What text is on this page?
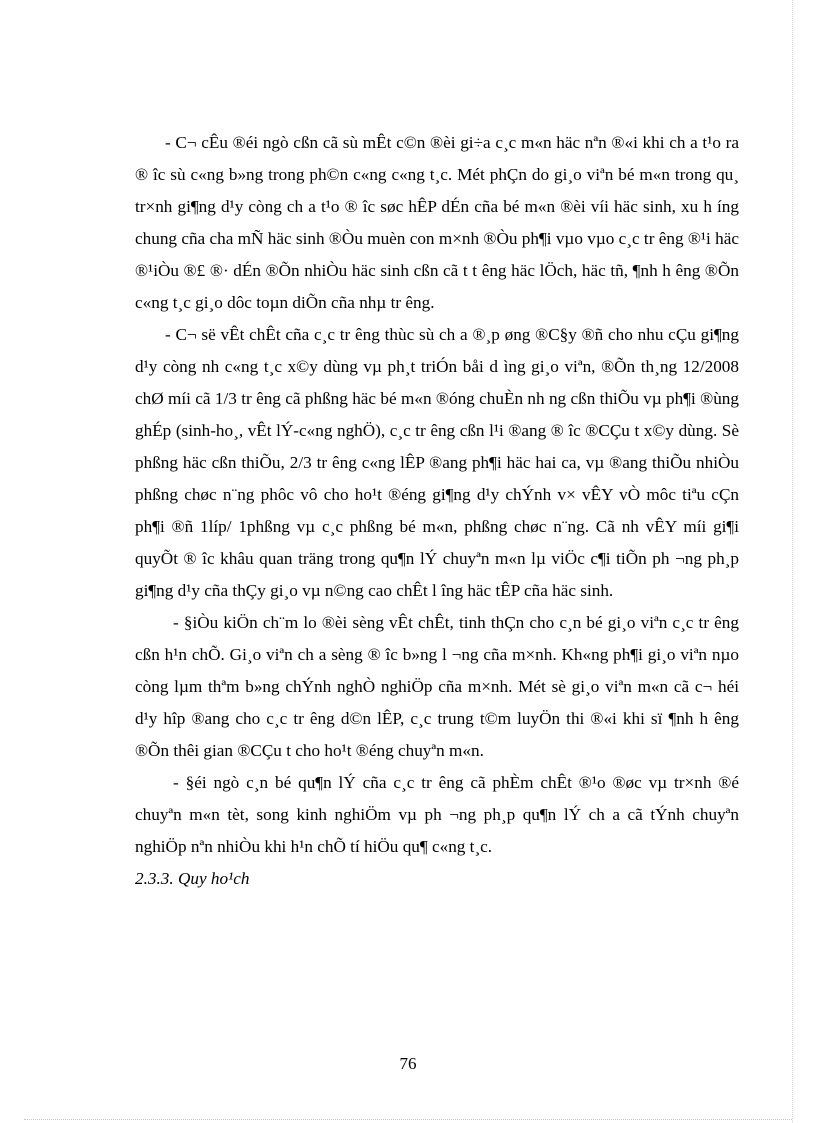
- C¬ cÊu ®éi ngò cßn cã sù mÊt c©n ®èi gi÷a c¸c m«n häc nªn ®«i khi ch a t¹o ra ® îc sù c«ng b»ng trong ph©n c«ng c«ng t¸c. Mét phÇn do gi¸o viªn bé m«n trong qu¸ tr×nh gi¶ng d¹y còng ch a t¹o ® îc søc hÊP dÉn cña bé m«n ®èi víi häc sinh, xu h íng chung cña cha mÑ häc sinh ®Òu muèn con m×nh ®Òu ph¶i vµo vµo c¸c tr êng ®¹i häc ®¹iÒu ®£ ®· dÉn ®Õn nhiÒu häc sinh cßn cã t t êng häc lÖch, häc tñ, ¶nh h êng ®Õn c«ng t¸c gi¸o dôc toµn diÕn cña nhµ tr êng.

- C¬ së vÊt chÊt cña c¸c tr êng thùc sù ch a ®¸p øng ®C§y ®ñ cho nhu cÇu gi¶ng d¹y còng nh c«ng t¸c x©y dùng vµ ph¸t triÓn båi d ìng gi¸o viªn, ®Õn th¸ng 12/2008 chØ míi cã 1/3 tr êng cã phßng häc bé m«n ®óng chuÈn nh ng cßn thiÕu vµ ph¶i ®ùng ghÉp (sinh-ho¸, vÊt lÝ-c«ng nghÖ), c¸c tr êng cßn l¹i ®ang ® îc ®CÇu t x©y dùng. Sè phßng häc cßn thiÕu, 2/3 tr êng c«ng lÊP ®ang ph¶i häc hai ca, vµ ®ang thiÕu nhiÒu phßng chøc n¨ng phôc vô cho ho¹t ®éng gi¶ng d¹y chÝnh v× vÊY vÒ môc tiªu cÇn ph¶i ®ñ 1líp/ 1phßng vµ c¸c phßng bé m«n, phßng chøc n¨ng. Cã nh vÊY míi gi¶i quyÕt ® îc khâu quan träng trong qu¶n lÝ chuyªn m«n lµ viÖc c¶i tiÕn ph ¬ng ph¸p gi¶ng d¹y cña thÇy gi¸o vµ n©ng cao chÊt l îng häc tÊP cña häc sinh.

- §iÒu kiÖn ch¨m lo ®èi sèng vÊt chÊt, tinh thÇn cho c¸n bé gi¸o viªn c¸c tr êng cßn h¹n chÕ. Gi¸o viªn ch a sèng ® îc b»ng l ¬ng cña m×nh. Kh«ng ph¶i gi¸o viªn nµo còng lµm thªm b»ng chÝnh nghÒ nghiÖp cña m×nh. Mét sè gi¸o viªn m«n cã c¬ héi d¹y hîp ®ang cho c¸c tr êng d©n lÊP, c¸c trung t©m luyÖn thi ®«i khi sï ¶nh h êng ®Õn thêi gian ®CÇu t cho ho¹t ®éng chuyªn m«n.

- §éi ngò c¸n bé qu¶n lÝ cña c¸c tr êng cã phÈm chÊt ®¹o ®øc vµ tr×nh ®é chuyªn m«n tèt, song kinh nghiÖm vµ ph ¬ng ph¸p qu¶n lÝ ch a cã tÝnh chuyªn nghiÖp nªn nhiÒu khi h¹n chÕ tí hiÖu qu¶ c«ng t¸c.

2.3.3. Quy ho¹ch

76
